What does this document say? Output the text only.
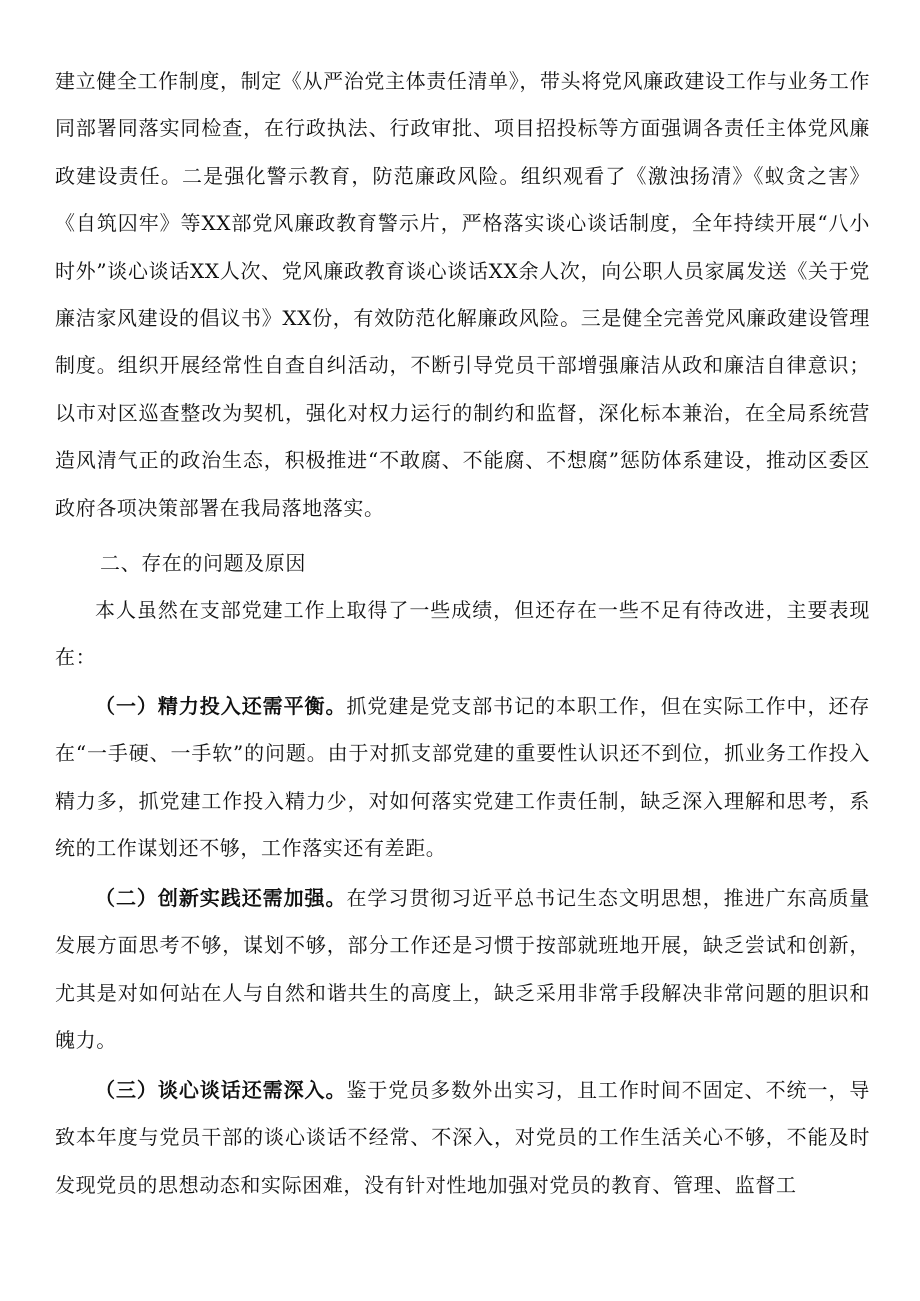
建立健全工作制度，制定《从严治党主体责任清单》，带头将党风廉政建设工作与业务工作同部署同落实同检查，在行政执法、行政审批、项目招投标等方面强调各责任主体党风廉政建设责任。二是强化警示教育，防范廉政风险。组织观看了《激浊扬清》《蚁贪之害》《自筑囚牢》等XX部党风廉政教育警示片，严格落实谈心谈话制度，全年持续开展“八小时外”谈心谈话XX人次、党风廉政教育谈心谈话XX余人次，向公职人员家属发送《关于党廉洁家风建设的倡议书》XX份，有效防范化解廉政风险。三是健全完善党风廉政建设管理制度。组织开展经常性自查自纠活动，不断引导党员干部增强廉洁从政和廉洁自律意识；以市对区巡查整改为契机，强化对权力运行的制约和监督，深化标本兼治，在全局系统营造风清气正的政治生态，积极推进“不敢腐、不能腐、不想腐”惩防体系建设，推动区委区政府各项决策部署在我局落地落实。

二、存在的问题及原因

本人虽然在支部党建工作上取得了一些成绩，但还存在一些不足有待改进，主要表现在：

（一）精力投入还需平衡。抓党建是党支部书记的本职工作，但在实际工作中，还存在“一手硬、一手软”的问题。由于对抓支部党建的重要性认识还不到位，抓业务工作投入精力多，抓党建工作投入精力少，对如何落实党建工作责任制，缺乏深入理解和思考，系统的工作谋划还不够，工作落实还有差距。

（二）创新实践还需加强。在学习贯彻习近平总书记生态文明思想，推进广东高质量发展方面思考不够，谋划不够，部分工作还是习惯于按部就班地开展，缺乏尝试和创新，尤其是对如何站在人与自然和谐共生的高度上，缺乏采用非常手段解决非常问题的胆识和魄力。

（三）谈心谈话还需深入。鉴于党员多数外出实习，且工作时间不固定、不统一，导致本年度与党员干部的谈心谈话不经常、不深入，对党员的工作生活关心不够，不能及时发现党员的思想动态和实际困难，没有针对性地加强对党员的教育、管理、监督工
